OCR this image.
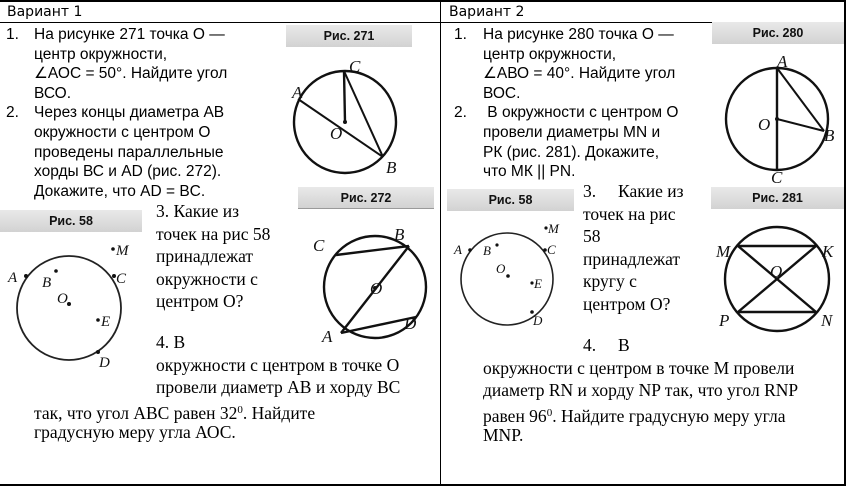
Вариант 1
1. На рисунке 271 точка О —
центр окружности,
∠АОС = 50°. Найдите угол
ВСО.
2. Через концы диаметра АВ
окружности с центром О
проведены параллельные
хорды ВС и AD (рис. 272).
Докажите, что AD = BC.
Рис. 271
A
C
O
B
Рис. 272
C
B
O
A
D
Рис. 58
M
A B	C
O
E
D
3. Какие из
точек на рис 58
принадлежат
окружности с
центром О?
4. В
окружности с центром в точке О
провели диаметр АВ и хорду ВС
так, что угол АВС равен $32^0$. Найдите
градусную меру угла АОС.
Вариант 2
1. На рисунке 280 точка О —
центр окружности,
∠АВО = 40°. Найдите угол
ВОС.
2. В окружности с центром О
провели диаметры MN и
РК (рис. 281). Докажите,
что МК || PN.
Рис. 280
A
O
B
C
Рис. 281
M	K
O
P	N
Рис. 58
M
A B	C
O
E
D
3.     Какие из
точек на рис
58
принадлежат
кругу с
центром О?
4.     В
окружности с центром в точке М провели
диаметр RN и хорду NP так, что угол RNP
равен $96^0$. Найдите градусную меру угла
MNP.
